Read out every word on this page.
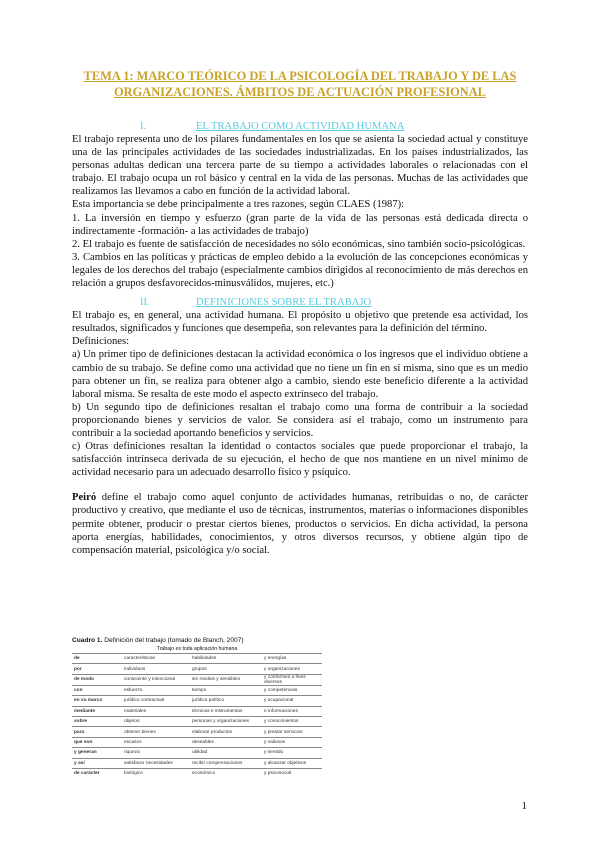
TEMA 1: MARCO TEÓRICO DE LA PSICOLOGÍA DEL TRABAJO Y DE LAS ORGANIZACIONES. ÁMBITOS DE ACTUACIÓN PROFESIONAL

I.	EL TRABAJO COMO ACTIVIDAD HUMANA

El trabajo representa uno de los pilares fundamentales en los que se asienta la sociedad actual y constituye una de las principales actividades de las sociedades industrializadas. En los países industrializados, las personas adultas dedican una tercera parte de su tiempo a actividades laborales o relacionadas con el trabajo. El trabajo ocupa un rol básico y central en la vida de las personas. Muchas de las actividades que realizamos las llevamos a cabo en función de la actividad laboral.

Esta importancia se debe principalmente a tres razones, según CLAES (1987):

1. La inversión en tiempo y esfuerzo (gran parte de la vida de las personas está dedicada directa o indirectamente -formación- a las actividades de trabajo)

2. El trabajo es fuente de satisfacción de necesidades no sólo económicas, sino también socio-psicológicas.

3. Cambios en las políticas y prácticas de empleo debido a la evolución de las concepciones económicas y legales de los derechos del trabajo (especialmente cambios dirigidos al reconocimiento de más derechos en relación a grupos desfavorecidos-minusválidos, mujeres, etc.)

II.	DEFINICIONES SOBRE EL TRABAJO

El trabajo es, en general, una actividad humana. El propósito u objetivo que pretende esa actividad, los resultados, significados y funciones que desempeña, son relevantes para la definición del término.

Definiciones:

a) Un primer tipo de definiciones destacan la actividad económica o los ingresos que el individuo obtiene a cambio de su trabajo. Se define como una actividad que no tiene un fin en sí misma, sino que es un medio para obtener un fin, se realiza para obtener algo a cambio, siendo este beneficio diferente a la actividad laboral misma. Se resalta de este modo el aspecto extrínseco del trabajo.

b) Un segundo tipo de definiciones resaltan el trabajo como una forma de contribuir a la sociedad proporcionando bienes y servicios de valor. Se considera así el trabajo, como un instrumento para contribuir a la sociedad aportando beneficios y servicios.

c) Otras definiciones resaltan la identidad o contactos sociales que puede proporcionar el trabajo, la satisfacción intrínseca derivada de su ejecución, el hecho de que nos mantiene en un nivel mínimo de actividad necesario para un adecuado desarrollo físico y psíquico.

Peiró define el trabajo como aquel conjunto de actividades humanas, retribuidas o no, de carácter productivo y creativo, que mediante el uso de técnicas, instrumentos, materias o informaciones disponibles permite obtener, producir o prestar ciertos bienes, productos o servicios. En dicha actividad, la persona aporta energías, habilidades, conocimientos, y otros diversos recursos, y obtiene algún tipo de compensación material, psicológica y/o social.

Cuadro 1. Definición del trabajo (tomado de Blanch, 2007)
Trabajo es toda aplicación humana
de	características	habilidades	y energías
por	individuos	grupos	y organizaciones
de modo	consciente y intencional	sin medios y sensibles	y conformes a fines diversos
con	esfuerzo	tiempo	y competencias
en su marco	jurídico contractual	jurídico político	y ocupacional
mediante	materiales	técnicas e instrumentos	e informaciones
sobre	objetos	personas y organizaciones	y conocimientos
para	obtener bienes	elaborar productos	y prestar servicios
que son	escasos	deseables	y valiosos
y generan	riqueza	utilidad	y sentido
y así	satisfacer necesidades	recibir compensaciones	y alcanzar objetivos
de carácter	biológico	económico	y psicosocial
1
